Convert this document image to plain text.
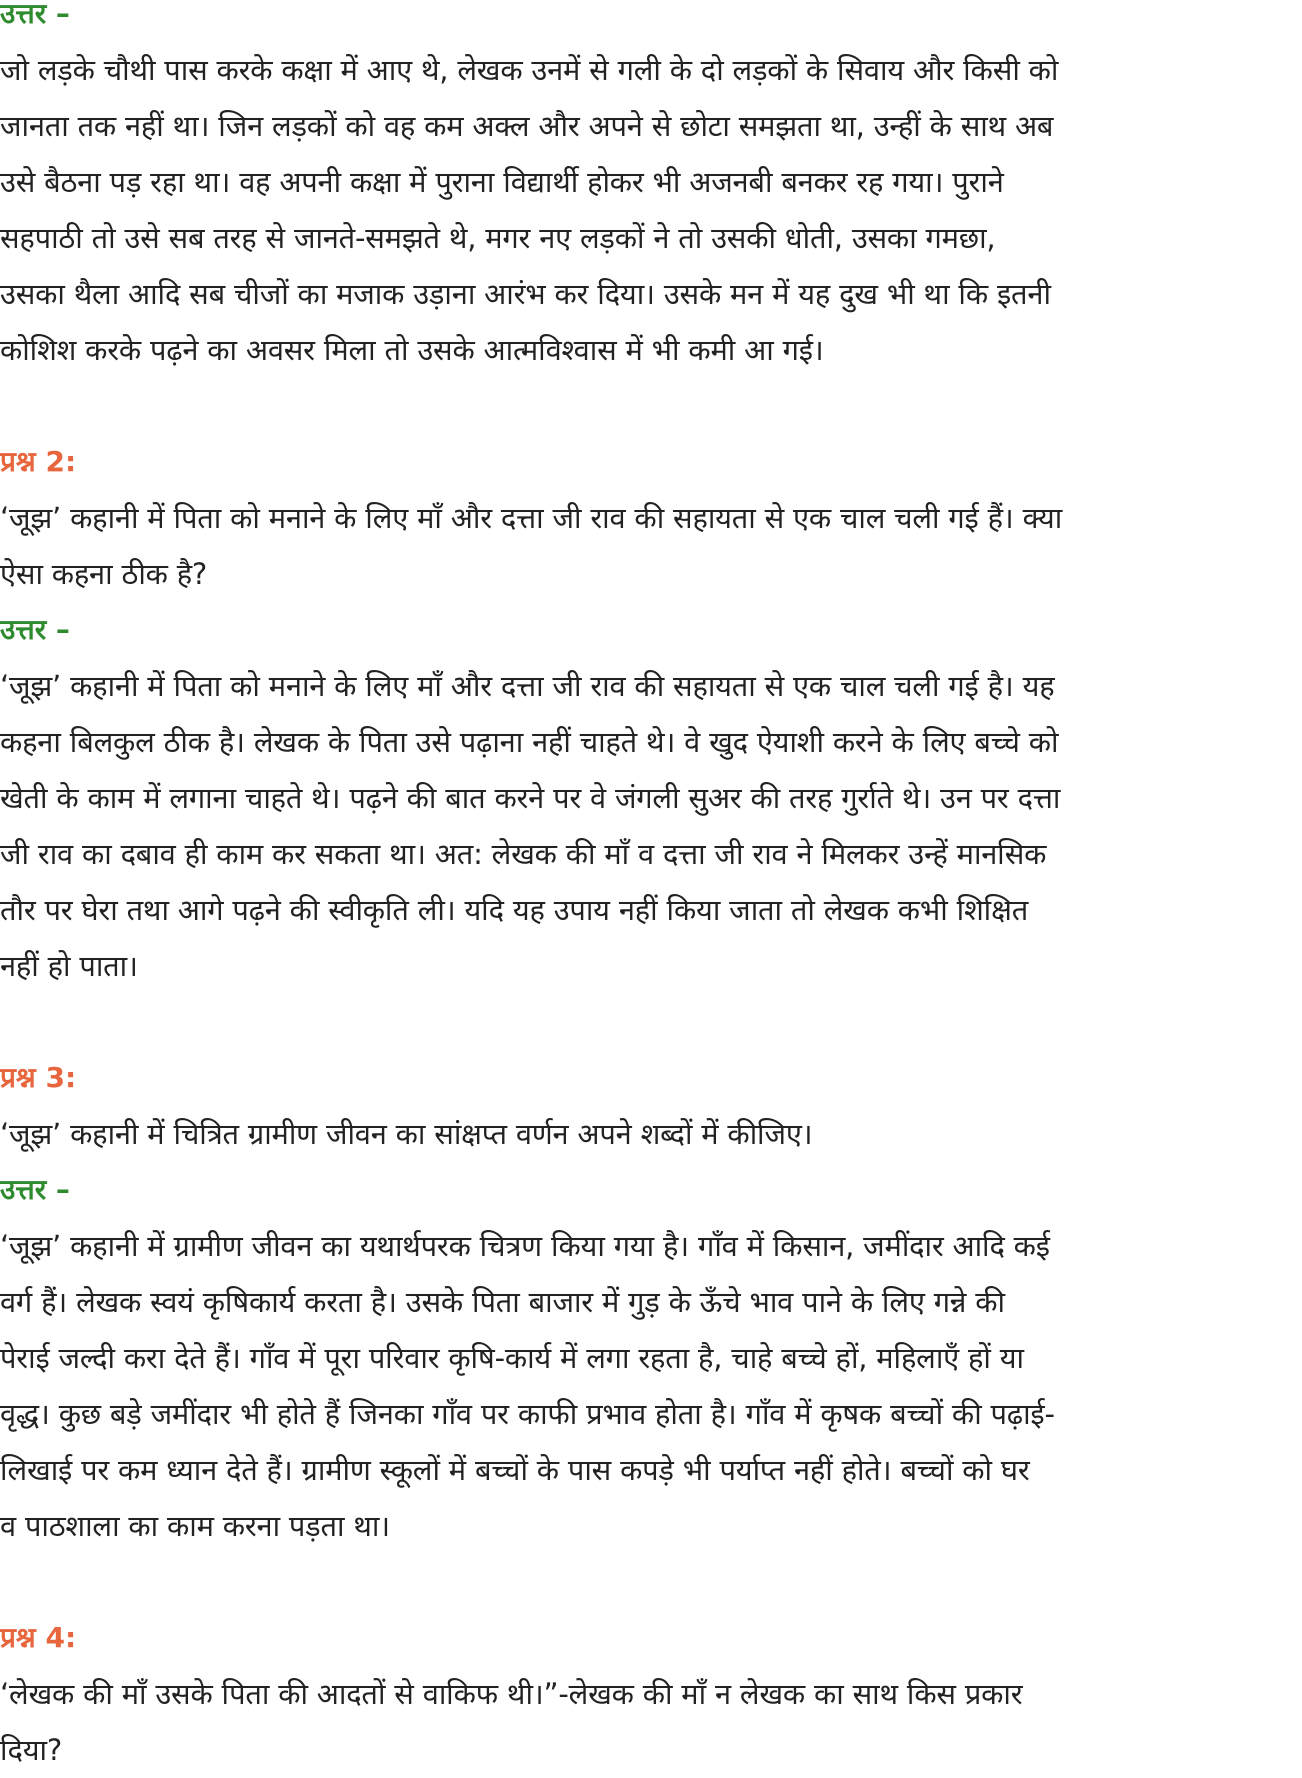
उत्तर –
जो लड़के चौथी पास करके कक्षा में आए थे, लेखक उनमें से गली के दो लड़कों के सिवाय और किसी को
जानता तक नहीं था। जिन लड़कों को वह कम अक्ल और अपने से छोटा समझता था, उन्हीं के साथ अब
उसे बैठना पड़ रहा था। वह अपनी कक्षा में पुराना विद्यार्थी होकर भी अजनबी बनकर रह गया। पुराने
सहपाठी तो उसे सब तरह से जानते-समझते थे, मगर नए लड़कों ने तो उसकी धोती, उसका गमछा,
उसका थैला आदि सब चीजों का मजाक उड़ाना आरंभ कर दिया। उसके मन में यह दुख भी था कि इतनी
कोशिश करके पढ़ने का अवसर मिला तो उसके आत्मविश्वास में भी कमी आ गई।
प्रश्न 2:
‘जूझ’ कहानी में पिता को मनाने के लिए माँ और दत्ता जी राव की सहायता से एक चाल चली गई हैं। क्या
ऐसा कहना ठीक है?
उत्तर –
‘जूझ’ कहानी में पिता को मनाने के लिए माँ और दत्ता जी राव की सहायता से एक चाल चली गई है। यह
कहना बिलकुल ठीक है। लेखक के पिता उसे पढ़ाना नहीं चाहते थे। वे खुद ऐयाशी करने के लिए बच्चे को
खेती के काम में लगाना चाहते थे। पढ़ने की बात करने पर वे जंगली सुअर की तरह गुर्राते थे। उन पर दत्ता
जी राव का दबाव ही काम कर सकता था। अत: लेखक की माँ व दत्ता जी राव ने मिलकर उन्हें मानसिक
तौर पर घेरा तथा आगे पढ़ने की स्वीकृति ली। यदि यह उपाय नहीं किया जाता तो लेखक कभी शिक्षित
नहीं हो पाता।
प्रश्न 3:
‘जूझ’ कहानी में चित्रित ग्रामीण जीवन का सांक्षप्त वर्णन अपने शब्दों में कीजिए।
उत्तर –
‘जूझ’ कहानी में ग्रामीण जीवन का यथार्थपरक चित्रण किया गया है। गाँव में किसान, जमींदार आदि कई
वर्ग हैं। लेखक स्वयं कृषिकार्य करता है। उसके पिता बाजार में गुड़ के ऊँचे भाव पाने के लिए गन्ने की
पेराई जल्दी करा देते हैं। गाँव में पूरा परिवार कृषि-कार्य में लगा रहता है, चाहे बच्चे हों, महिलाएँ हों या
वृद्ध। कुछ बड़े जमींदार भी होते हैं जिनका गाँव पर काफी प्रभाव होता है। गाँव में कृषक बच्चों की पढ़ाई-
लिखाई पर कम ध्यान देते हैं। ग्रामीण स्कूलों में बच्चों के पास कपड़े भी पर्याप्त नहीं होते। बच्चों को घर
व पाठशाला का काम करना पड़ता था।
प्रश्न 4:
‘लेखक की माँ उसके पिता की आदतों से वाकिफ थी।”-लेखक की माँ न लेखक का साथ किस प्रकार
दिया?
